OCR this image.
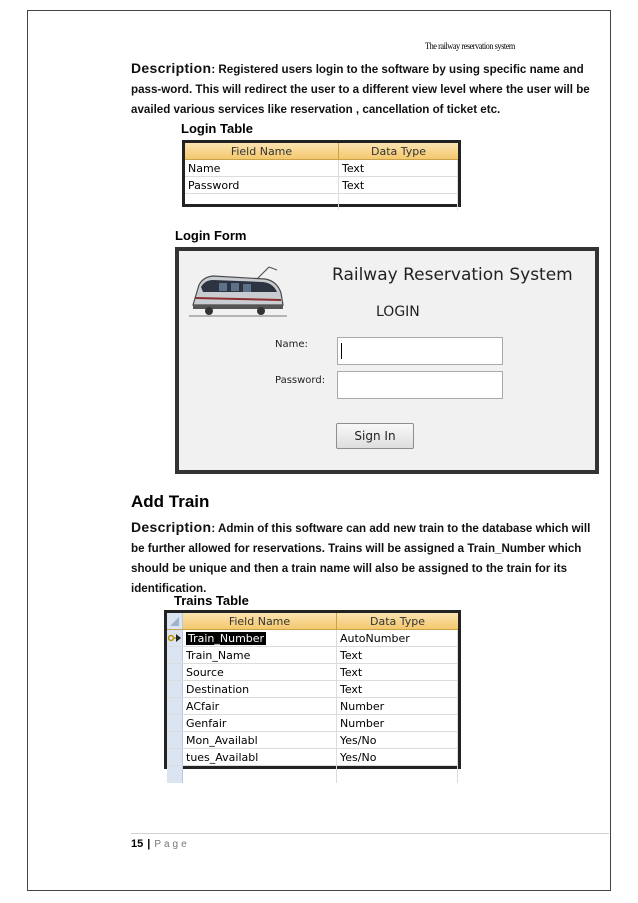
The railway reservation system
Description: Registered users login to the software by using specific name and pass-word. This will redirect the user to a different view level where the user will be availed various services like reservation , cancellation of ticket etc.
Login Table
Field Name	Data Type
Name	Text
Password	Text
Login Form
Railway Reservation System
LOGIN
Name:
Password:
Sign In
Add Train
Description: Admin of this software can add new train to the database which will be further allowed for reservations. Trains will be assigned a Train_Number which should be unique and then a train name will also be assigned to the train for its identification.
Trains Table
Field Name	Data Type
Train_Number	AutoNumber
Train_Name	Text
Source	Text
Destination	Text
ACfair	Number
Genfair	Number
Mon_Availabl	Yes/No
tues_Availabl	Yes/No
15 | Page
